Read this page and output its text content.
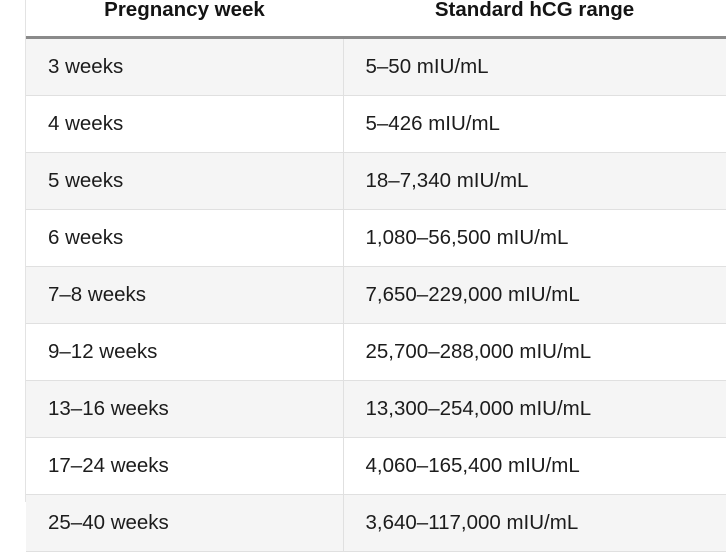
Pregnancy week	Standard hCG range
3 weeks	5–50 mIU/mL
4 weeks	5–426 mIU/mL
5 weeks	18–7,340 mIU/mL
6 weeks	1,080–56,500 mIU/mL
7–8 weeks	7,650–229,000 mIU/mL
9–12 weeks	25,700–288,000 mIU/mL
13–16 weeks	13,300–254,000 mIU/mL
17–24 weeks	4,060–165,400 mIU/mL
25–40 weeks	3,640–117,000 mIU/mL
